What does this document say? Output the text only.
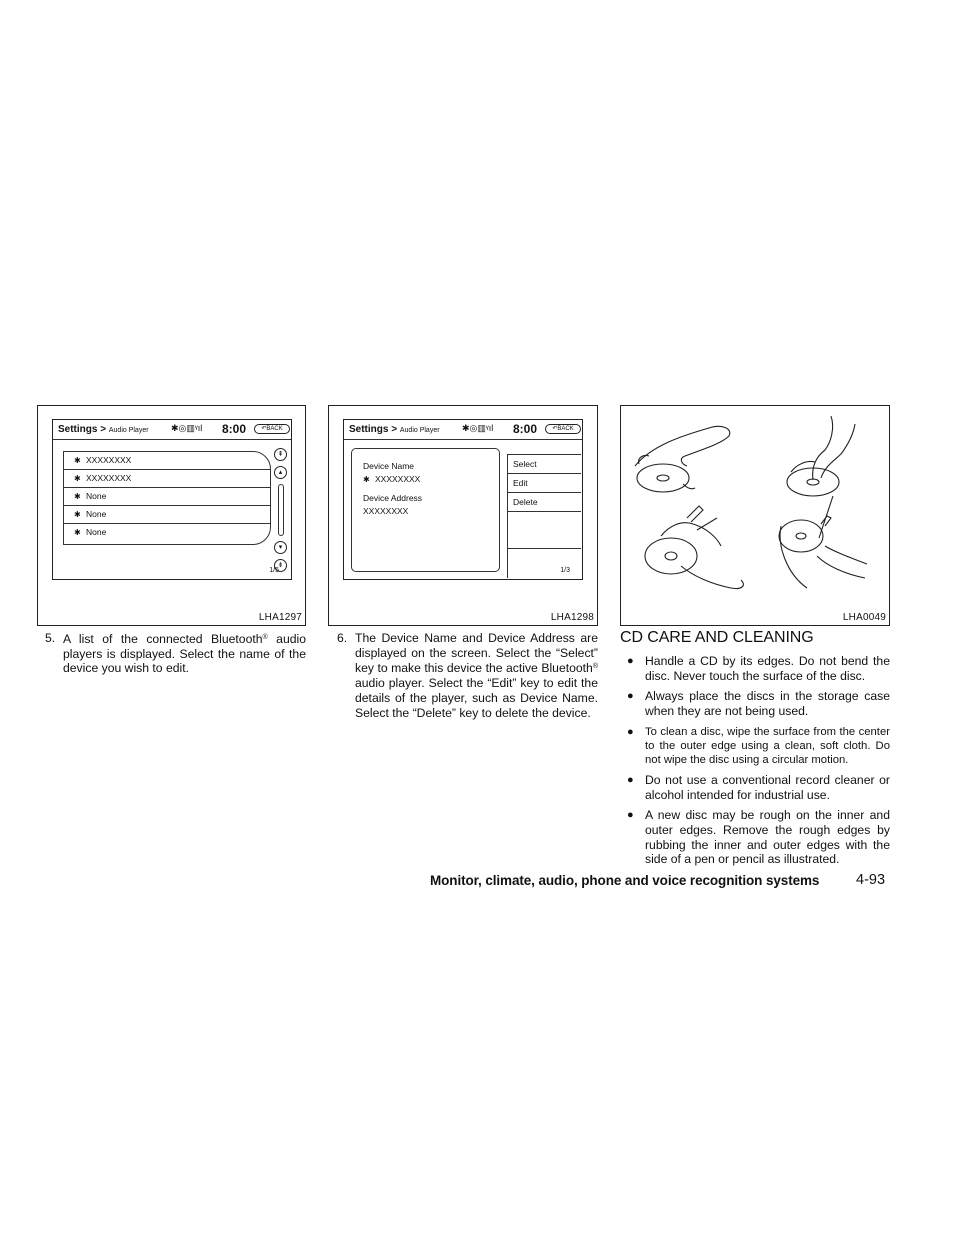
Settings > Audio Player ✱◎▥ᵞıl 8:00	↶BACK
✱ XXXXXXXX
✱ XXXXXXXX
✱ None
✱ None
✱ None
⇞
▴
▾
⇟
1/5
LHA1297
Settings > Audio Player ✱◎▥ᵞıl 8:00	↶BACK
Device Name
✱ XXXXXXXX
Device Address
XXXXXXXX
Select
Edit
Delete
1/3
LHA1298	LHA0049
5. A list of the connected Bluetooth® audio players is displayed. Select the name of the device you wish to edit.
6. The Device Name and Device Address are displayed on the screen. Select the “Select” key to make this device the active Bluetooth® audio player. Select the “Edit” key to edit the details of the player, such as Device Name. Select the “Delete” key to delete the device.
CD CARE AND CLEANING
● Handle a CD by its edges. Do not bend the disc. Never touch the surface of the disc.
● Always place the discs in the storage case when they are not being used.
● To clean a disc, wipe the surface from the center to the outer edge using a clean, soft cloth. Do not wipe the disc using a circular motion.
● Do not use a conventional record cleaner or alcohol intended for industrial use.
● A new disc may be rough on the inner and outer edges. Remove the rough edges by rubbing the inner and outer edges with the side of a pen or pencil as illustrated.
Monitor, climate, audio, phone and voice recognition systems	4-93
